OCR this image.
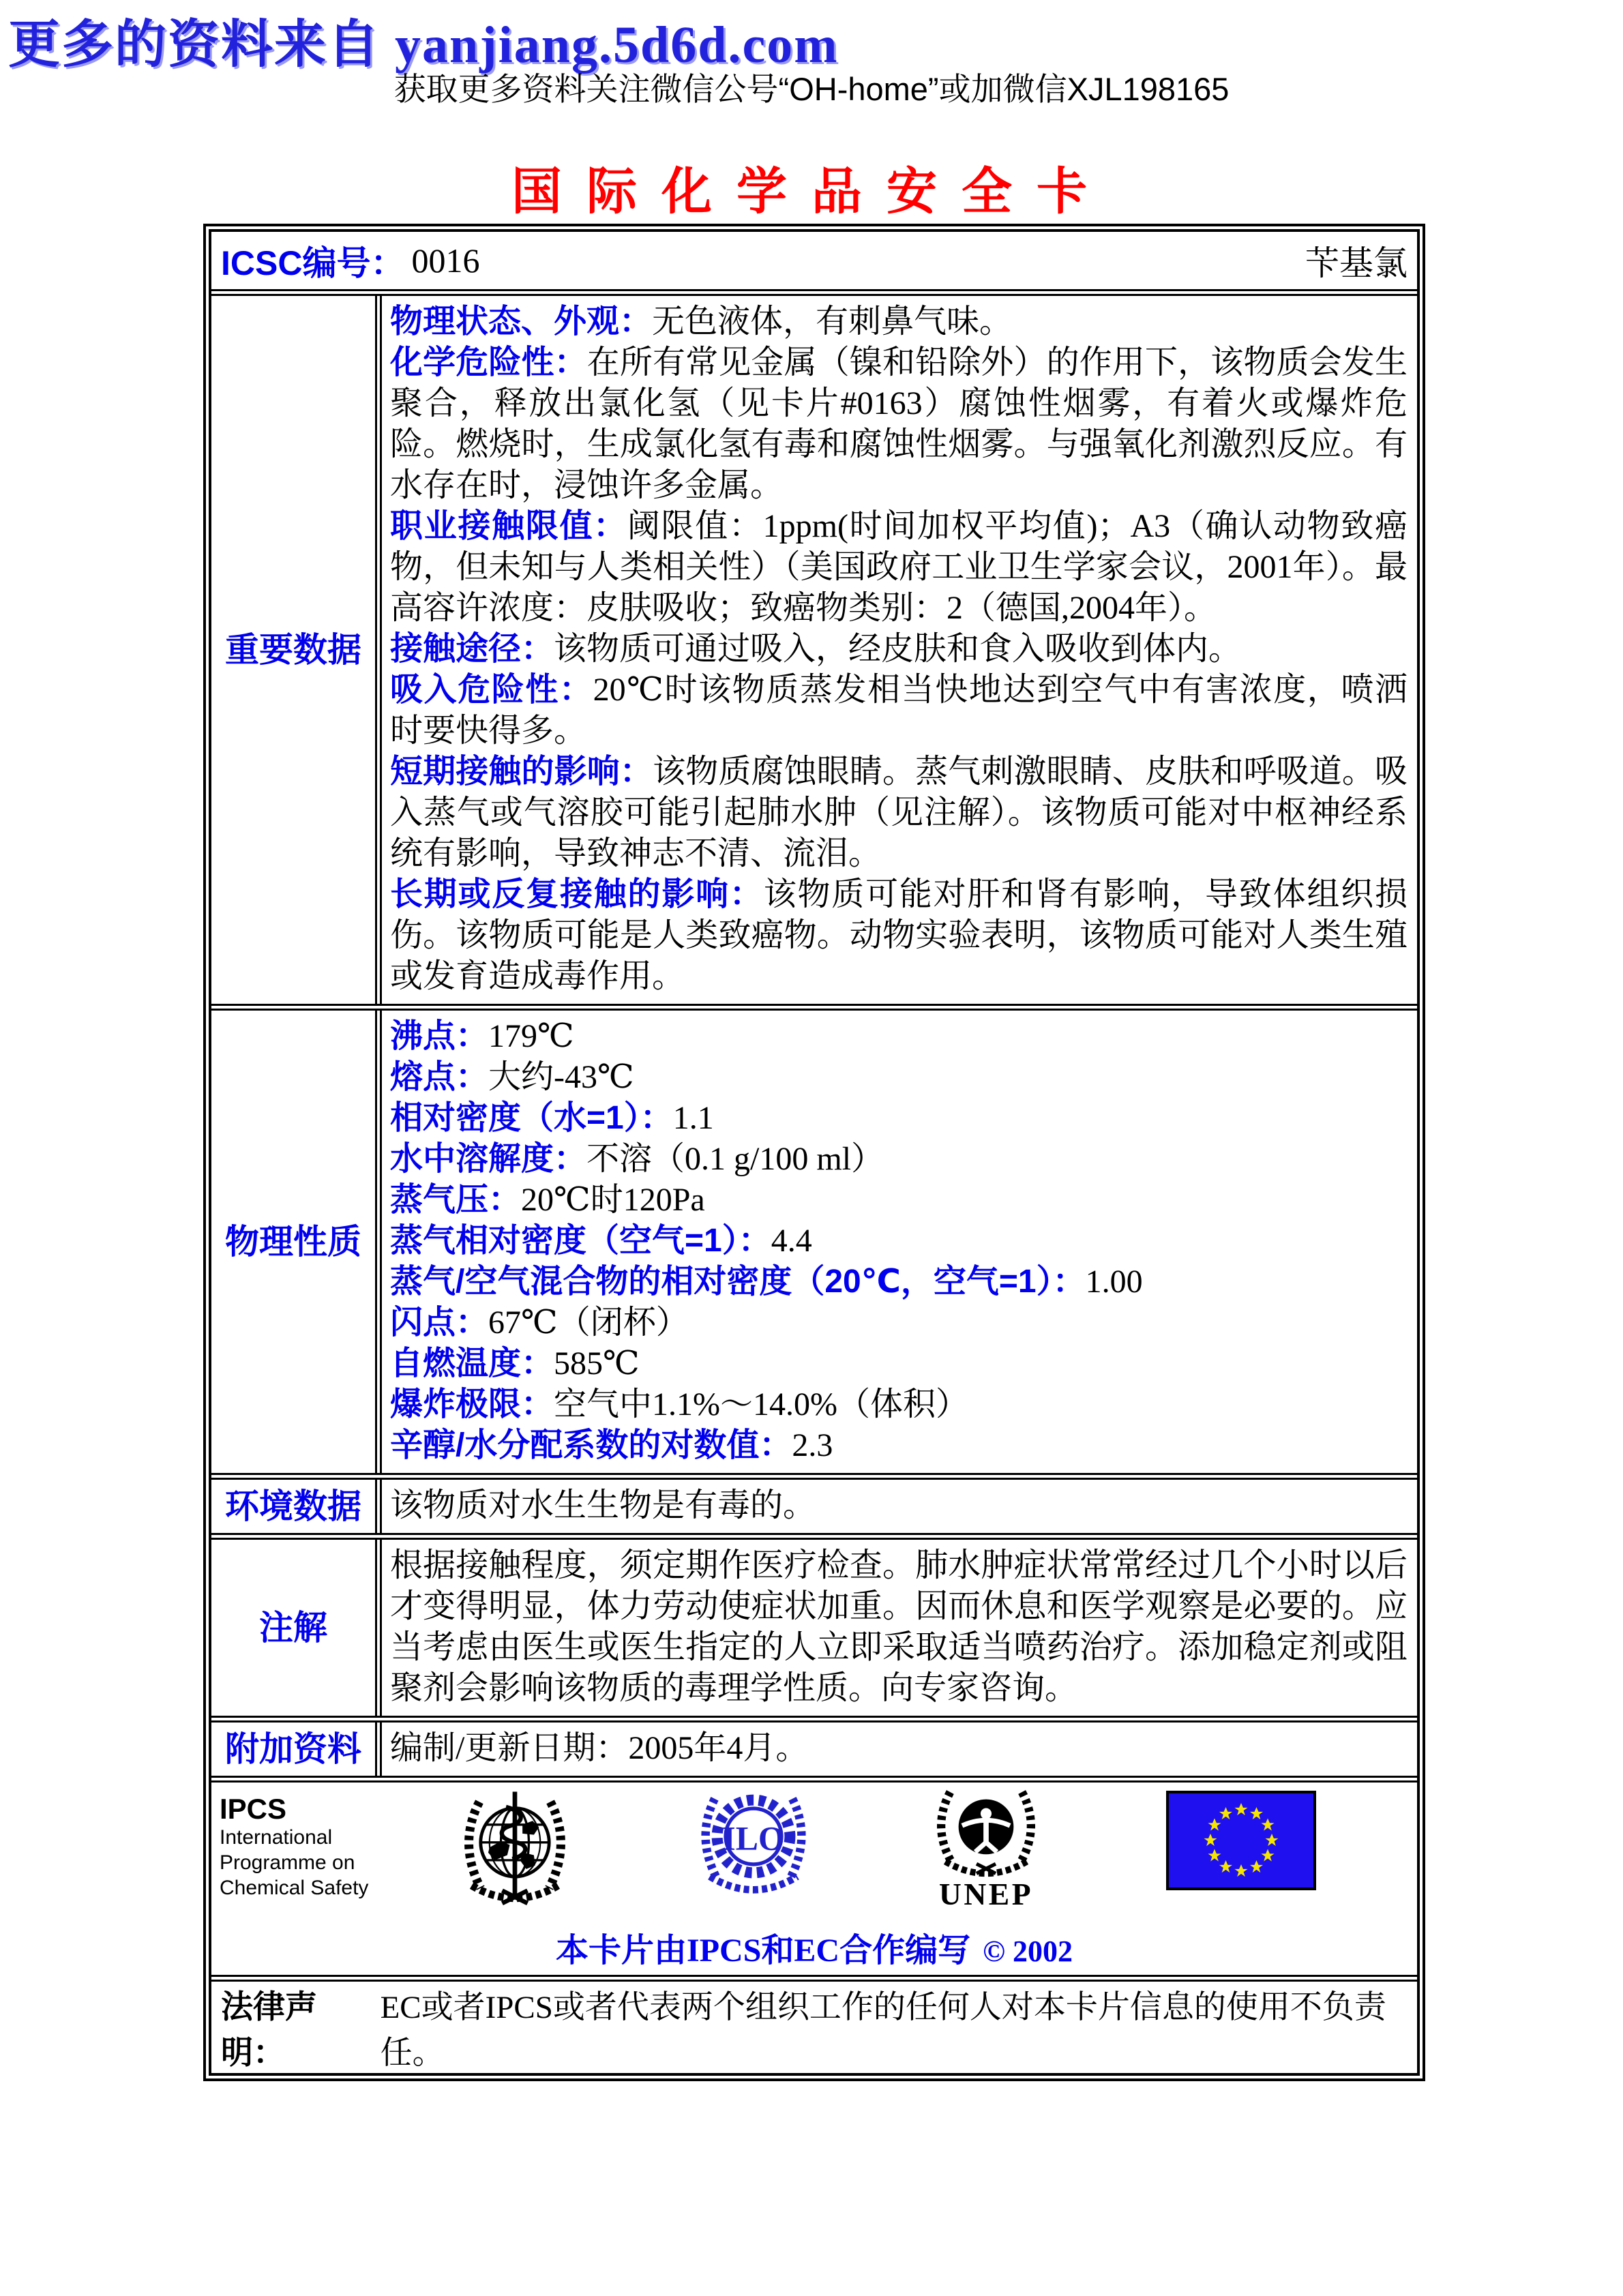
更多的资料来自 yanjiang.5d6d.com
获取更多资料关注微信公号“OH-home”或加微信XJL198165
国际化学品安全卡
ICSC编号： 0016	苄基氯
重要数据

物理状态、外观：无色液体，有刺鼻气味。

化学危险性：在所有常见金属（镍和铅除外）的作用下，该物质会发生聚合，释放出氯化氢（见卡片#0163）腐蚀性烟雾，有着火或爆炸危险。燃烧时，生成氯化氢有毒和腐蚀性烟雾。与强氧化剂激烈反应。有水存在时，浸蚀许多金属。

职业接触限值：阈限值：1ppm(时间加权平均值)；A3（确认动物致癌物，但未知与人类相关性）（美国政府工业卫生学家会议，2001年）。最高容许浓度：皮肤吸收；致癌物类别：2（德国,2004年）。

接触途径：该物质可通过吸入，经皮肤和食入吸收到体内。

吸入危险性：20℃时该物质蒸发相当快地达到空气中有害浓度，喷洒时要快得多。

短期接触的影响：该物质腐蚀眼睛。蒸气刺激眼睛、皮肤和呼吸道。吸入蒸气或气溶胶可能引起肺水肿（见注解）。该物质可能对中枢神经系统有影响，导致神志不清、流泪。

长期或反复接触的影响：该物质可能对肝和肾有影响，导致体组织损伤。该物质可能是人类致癌物。动物实验表明，该物质可能对人类生殖或发育造成毒作用。

物理性质

沸点：179℃

熔点：大约-43℃

相对密度（水=1）：1.1

水中溶解度：不溶（0.1 g/100 ml）

蒸气压：20℃时120Pa

蒸气相对密度（空气=1）：4.4

蒸气/空气混合物的相对密度（20℃，空气=1）：1.00

闪点：67℃（闭杯）

自燃温度：585℃

爆炸极限：空气中1.1%～14.0%（体积）

辛醇/水分配系数的对数值：2.3

环境数据 该物质对水生生物是有毒的。

注解

根据接触程度，须定期作医疗检查。肺水肿症状常常经过几个小时以后才变得明显，体力劳动使症状加重。因而休息和医学观察是必要的。应当考虑由医生或医生指定的人立即采取适当喷药治疗。添加稳定剂或阻聚剂会影响该物质的毒理学性质。向专家咨询。

附加资料 编制/更新日期：2005年4月。

IPCS
International
Programme on
Chemical Safety
ILO
UNEP
本卡片由IPCS和EC合作编写 © 2002
法律声明：
EC或者IPCS或者代表两个组织工作的任何人对本卡片信息的使用不负责任。
